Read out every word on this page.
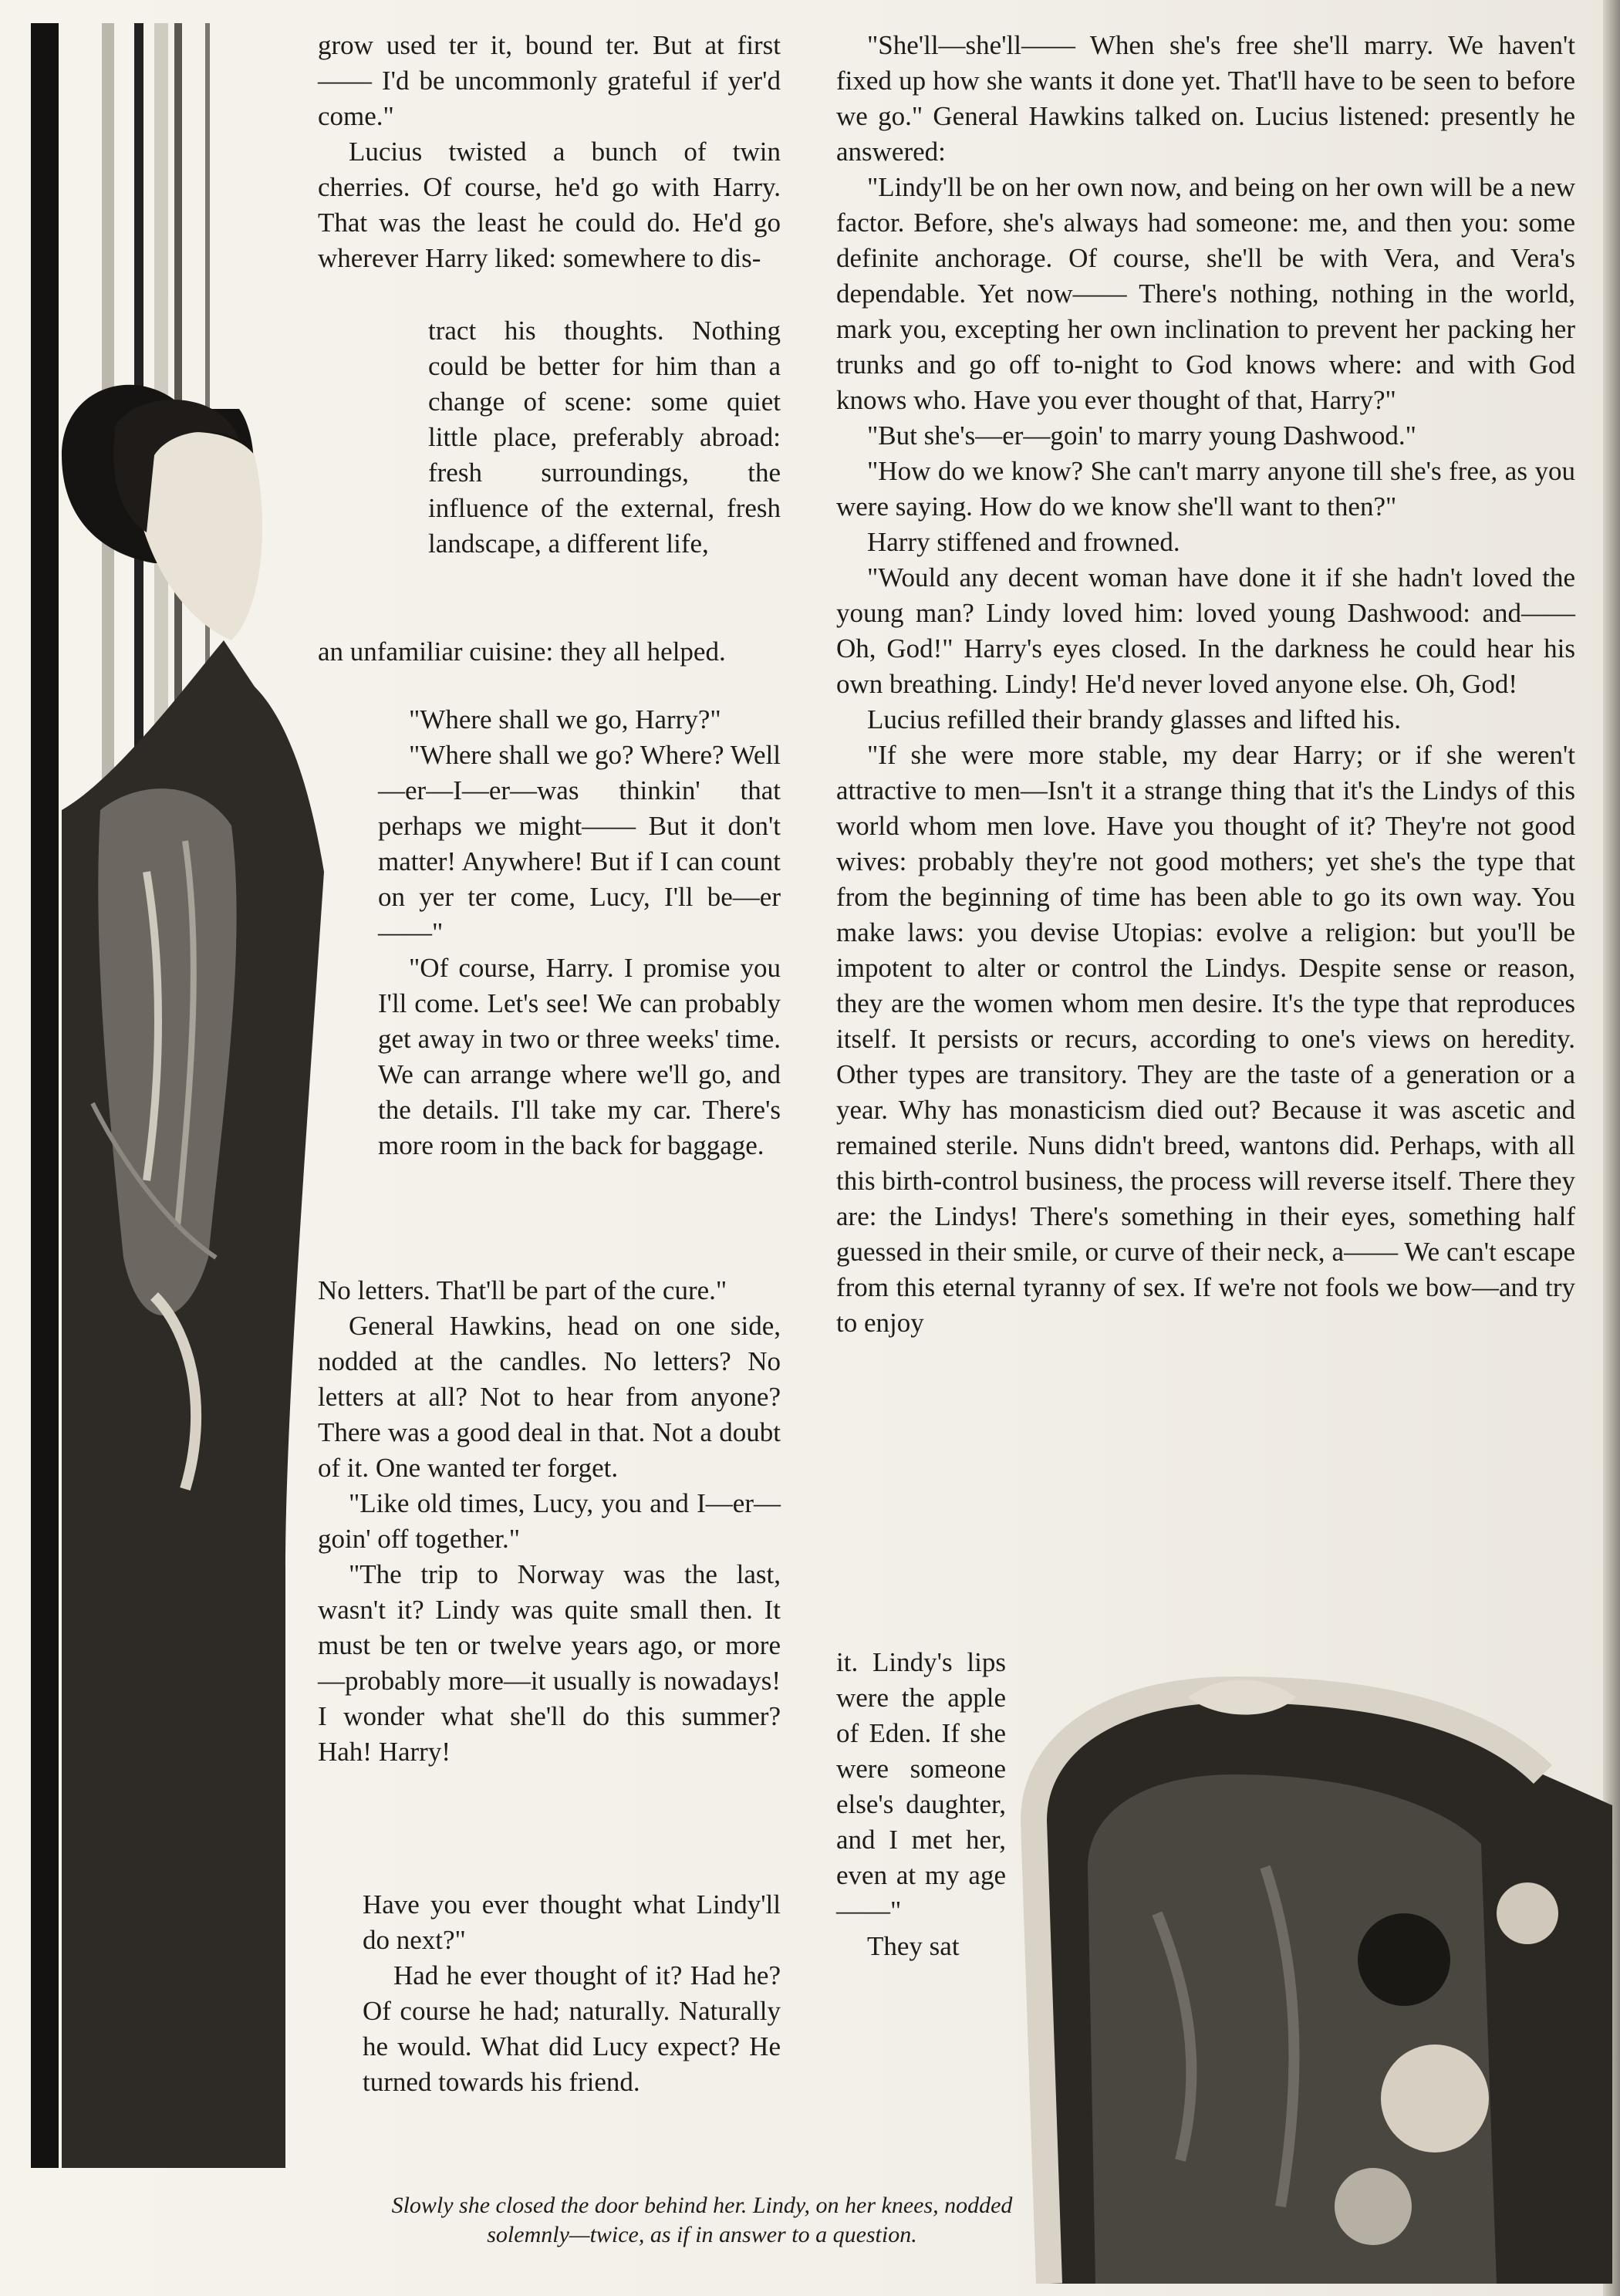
grow used ter it, bound ter. But at first—— I'd be uncommonly grateful if yer'd come."

Lucius twisted a bunch of twin cherries. Of course, he'd go with Harry. That was the least he could do. He'd go wherever Harry liked: somewhere to dis-

tract his thoughts. Nothing could be better for him than a change of scene: some quiet little place, preferably abroad: fresh surroundings, the influence of the external, fresh landscape, a different life,

an unfamiliar cuisine: they all helped.

"Where shall we go, Harry?"

"Where shall we go? Where? Well—er—I—er—was thinkin' that perhaps we might—— But it don't matter! Anywhere! But if I can count on yer ter come, Lucy, I'll be—er——"

"Of course, Harry. I promise you I'll come. Let's see! We can probably get away in two or three weeks' time. We can arrange where we'll go, and the details. I'll take my car. There's more room in the back for baggage.

No letters. That'll be part of the cure."

General Hawkins, head on one side, nodded at the candles. No letters? No letters at all? Not to hear from anyone? There was a good deal in that. Not a doubt of it. One wanted ter forget.

"Like old times, Lucy, you and I—er—goin' off together."

"The trip to Norway was the last, wasn't it? Lindy was quite small then. It must be ten or twelve years ago, or more—probably more—it usually is nowadays! I wonder what she'll do this summer? Hah! Harry!

Have you ever thought what Lindy'll do next?"

Had he ever thought of it? Had he? Of course he had; naturally. Naturally he would. What did Lucy expect? He turned towards his friend.

"She'll—she'll—— When she's free she'll marry. We haven't fixed up how she wants it done yet. That'll have to be seen to before we go." General Hawkins talked on. Lucius listened: presently he answered:

"Lindy'll be on her own now, and being on her own will be a new factor. Before, she's always had someone: me, and then you: some definite anchorage. Of course, she'll be with Vera, and Vera's dependable. Yet now—— There's nothing, nothing in the world, mark you, excepting her own inclination to prevent her packing her trunks and go off to-night to God knows where: and with God knows who. Have you ever thought of that, Harry?"

"But she's—er—goin' to marry young Dashwood."

"How do we know? She can't marry anyone till she's free, as you were saying. How do we know she'll want to then?"

Harry stiffened and frowned.

"Would any decent woman have done it if she hadn't loved the young man? Lindy loved him: loved young Dashwood: and—— Oh, God!" Harry's eyes closed. In the darkness he could hear his own breathing. Lindy! He'd never loved anyone else. Oh, God!

Lucius refilled their brandy glasses and lifted his.

"If she were more stable, my dear Harry; or if she weren't attractive to men—Isn't it a strange thing that it's the Lindys of this world whom men love. Have you thought of it? They're not good wives: probably they're not good mothers; yet she's the type that from the beginning of time has been able to go its own way. You make laws: you devise Utopias: evolve a religion: but you'll be impotent to alter or control the Lindys. Despite sense or reason, they are the women whom men desire. It's the type that reproduces itself. It persists or recurs, according to one's views on heredity. Other types are transitory. They are the taste of a generation or a year. Why has monasticism died out? Because it was ascetic and remained sterile. Nuns didn't breed, wantons did. Perhaps, with all this birth-control business, the process will reverse itself. There they are: the Lindys! There's something in their eyes, something half guessed in their smile, or curve of their neck, a—— We can't escape from this eternal tyranny of sex. If we're not fools we bow—and try to enjoy

it. Lindy's lips were the apple of Eden. If she were someone else's daughter, and I met her, even at my age——"

They sat

Slowly she closed the door behind her. Lindy, on her knees, nodded solemnly—twice, as if in answer to a question.
